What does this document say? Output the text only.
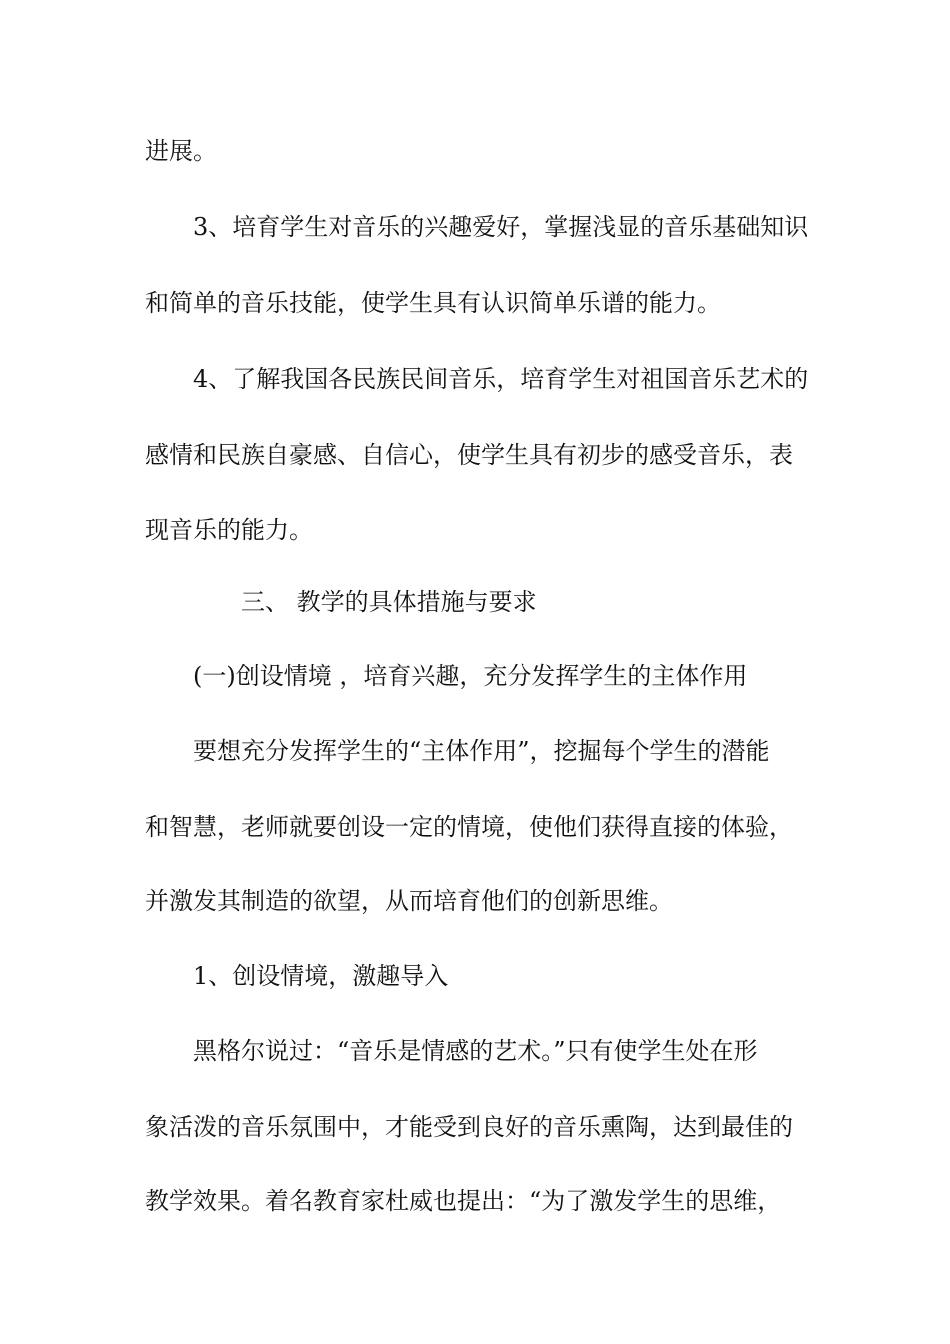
进展。

3、培育学生对音乐的兴趣爱好，掌握浅显的音乐基础知识

和简单的音乐技能，使学生具有认识简单乐谱的能力。

4、了解我国各民族民间音乐，培育学生对祖国音乐艺术的

感情和民族自豪感、自信心，使学生具有初步的感受音乐，表

现音乐的能力。

三、 教学的具体措施与要求

(一)创设情境 ，培育兴趣，充分发挥学生的主体作用

要想充分发挥学生的“主体作用”，挖掘每个学生的潜能

和智慧，老师就要创设一定的情境，使他们获得直接的体验，

并激发其制造的欲望，从而培育他们的创新思维。

1、创设情境，激趣导入

黑格尔说过：“音乐是情感的艺术。”只有使学生处在形

象活泼的音乐氛围中，才能受到良好的音乐熏陶，达到最佳的

教学效果。着名教育家杜威也提出：“为了激发学生的思维，
